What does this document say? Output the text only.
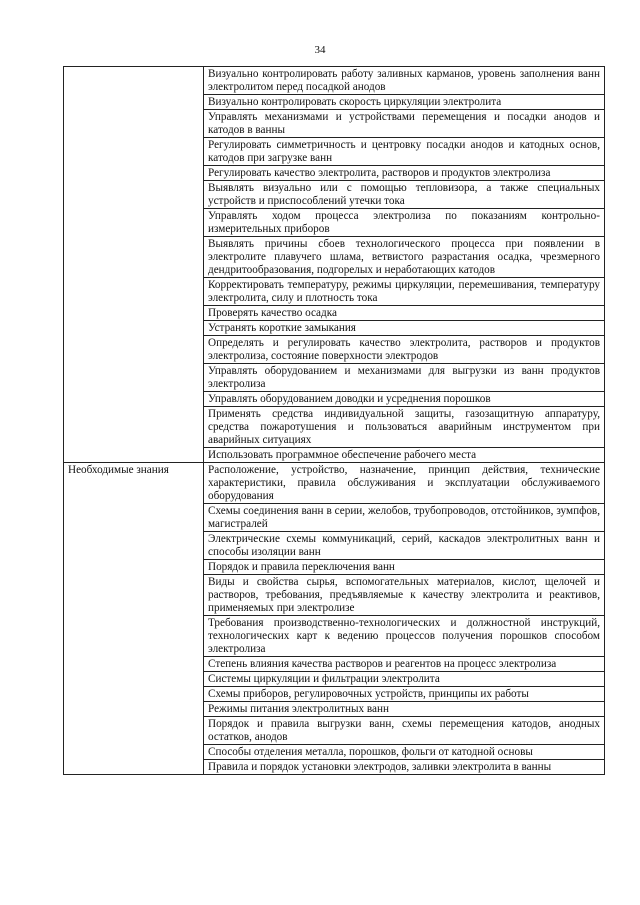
34
	Визуально контролировать работу заливных карманов, уровень заполнения ванн электролитом перед посадкой анодов
	Визуально контролировать скорость циркуляции электролита
	Управлять механизмами и устройствами перемещения и посадки анодов и катодов в ванны
	Регулировать симметричность и центровку посадки анодов и катодных основ, катодов при загрузке ванн
	Регулировать качество электролита, растворов и продуктов электролиза
	Выявлять визуально или с помощью тепловизора, а также специальных устройств и приспособлений утечки тока
	Управлять ходом процесса электролиза по показаниям контрольно-измерительных приборов
	Выявлять причины сбоев технологического процесса при появлении в электролите плавучего шлама, ветвистого разрастания осадка, чрезмерного дендритообразования, подгорелых и неработающих катодов
	Корректировать температуру, режимы циркуляции, перемешивания, температуру электролита, силу и плотность тока
	Проверять качество осадка
	Устранять короткие замыкания
	Определять и регулировать качество электролита, растворов и продуктов электролиза, состояние поверхности электродов
	Управлять оборудованием и механизмами для выгрузки из ванн продуктов электролиза
	Управлять оборудованием доводки и усреднения порошков
	Применять средства индивидуальной защиты, газозащитную аппаратуру, средства пожаротушения и пользоваться аварийным инструментом при аварийных ситуациях
	Использовать программное обеспечение рабочего места
Необходимые знания	Расположение, устройство, назначение, принцип действия, технические характеристики, правила обслуживания и эксплуатации обслуживаемого оборудования
	Схемы соединения ванн в серии, желобов, трубопроводов, отстойников, зумпфов, магистралей
	Электрические схемы коммуникаций, серий, каскадов электролитных ванн и способы изоляции ванн
	Порядок и правила переключения ванн
	Виды и свойства сырья, вспомогательных материалов, кислот, щелочей и растворов, требования, предъявляемые к качеству электролита и реактивов, применяемых при электролизе
	Требования производственно-технологических и должностной инструкций, технологических карт к ведению процессов получения порошков способом электролиза
	Степень влияния качества растворов и реагентов на процесс электролиза
	Системы циркуляции и фильтрации электролита
	Схемы приборов, регулировочных устройств, принципы их работы
	Режимы питания электролитных ванн
	Порядок и правила выгрузки ванн, схемы перемещения катодов, анодных остатков, анодов
	Способы отделения металла, порошков, фольги от катодной основы
	Правила и порядок установки электродов, заливки электролита в ванны
